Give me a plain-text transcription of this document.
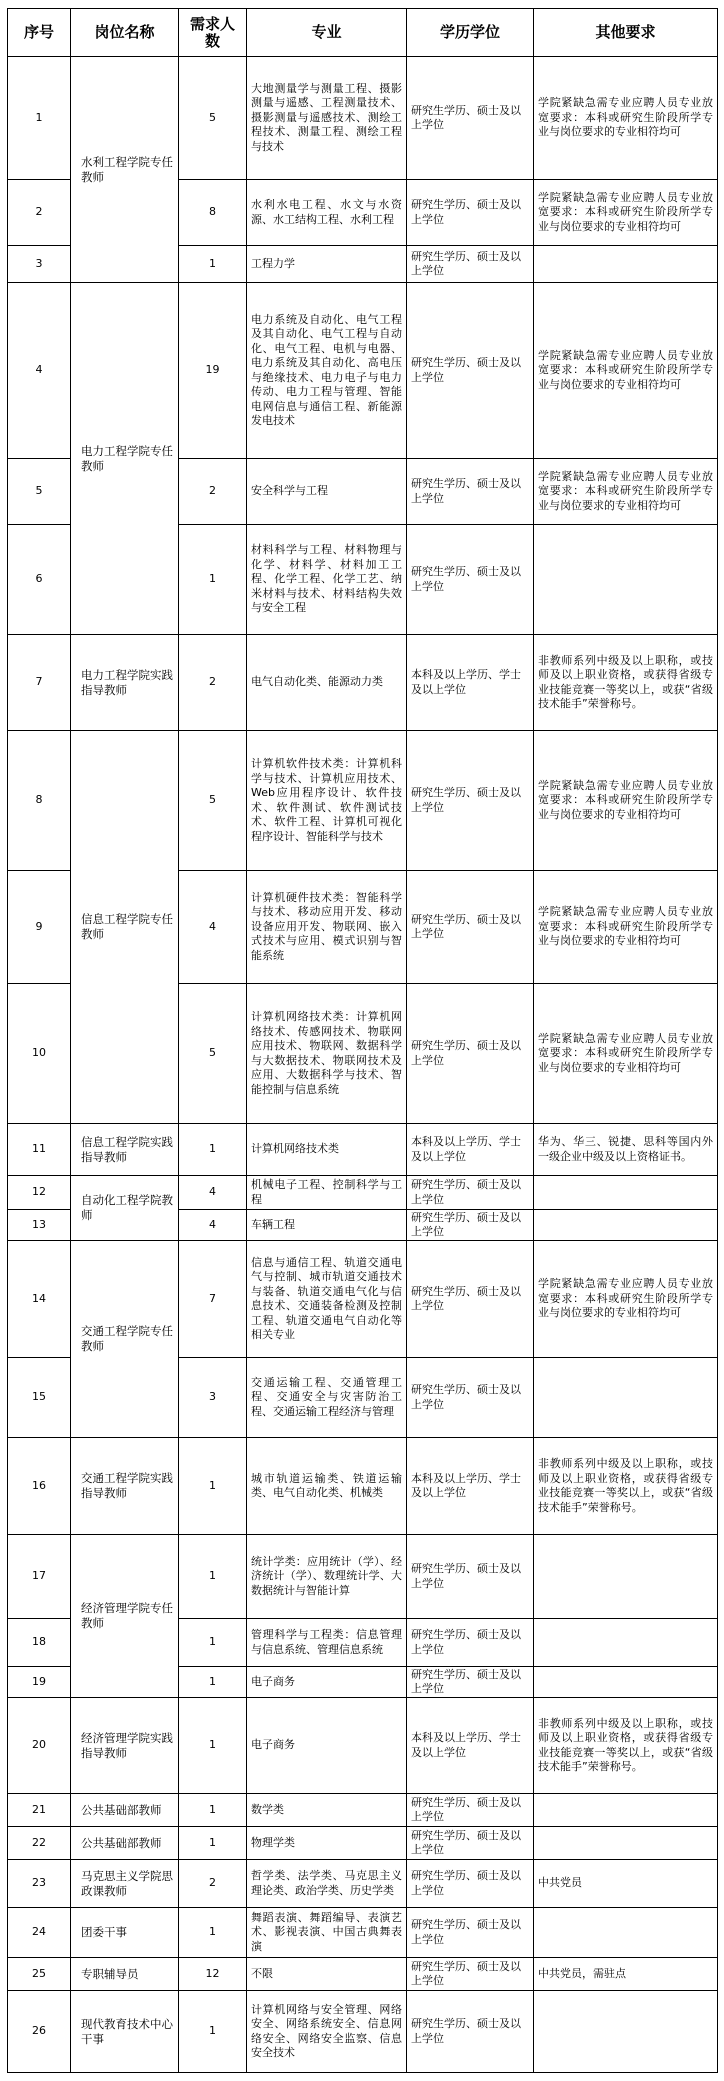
序号	岗位名称	需求人数	专业	学历学位	其他要求
1	水利工程学院专任教师	5	大地测量学与测量工程、摄影测量与遥感、工程测量技术、摄影测量与遥感技术、测绘工程技术、测量工程、测绘工程与技术	研究生学历、硕士及以上学位	学院紧缺急需专业应聘人员专业放宽要求：本科或研究生阶段所学专业与岗位要求的专业相符均可
2		8	水利水电工程、水文与水资源、水工结构工程、水利工程	研究生学历、硕士及以上学位	学院紧缺急需专业应聘人员专业放宽要求：本科或研究生阶段所学专业与岗位要求的专业相符均可
3		1	工程力学	研究生学历、硕士及以上学位	
4	电力工程学院专任教师	19	电力系统及自动化、电气工程及其自动化、电气工程与自动化、电气工程、电机与电器、电力系统及其自动化、高电压与绝缘技术、电力电子与电力传动、电力工程与管理、智能电网信息与通信工程、新能源发电技术	研究生学历、硕士及以上学位	学院紧缺急需专业应聘人员专业放宽要求：本科或研究生阶段所学专业与岗位要求的专业相符均可
5		2	安全科学与工程	研究生学历、硕士及以上学位	学院紧缺急需专业应聘人员专业放宽要求：本科或研究生阶段所学专业与岗位要求的专业相符均可
6		1	材料科学与工程、材料物理与化学、材料学、材料加工工程、化学工程、化学工艺、纳米材料与技术、材料结构失效与安全工程	研究生学历、硕士及以上学位	
7	电力工程学院实践指导教师	2	电气自动化类、能源动力类	本科及以上学历、学士及以上学位	非教师系列中级及以上职称，或技师及以上职业资格，或获得省级专业技能竞赛一等奖以上，或获“省级技术能手”荣誉称号。
8	信息工程学院专任教师	5	计算机软件技术类：计算机科学与技术、计算机应用技术、Web应用程序设计、软件技术、软件测试、软件测试技术、软件工程、计算机可视化程序设计、智能科学与技术	研究生学历、硕士及以上学位	学院紧缺急需专业应聘人员专业放宽要求：本科或研究生阶段所学专业与岗位要求的专业相符均可
9		4	计算机硬件技术类：智能科学与技术、移动应用开发、移动设备应用开发、物联网、嵌入式技术与应用、模式识别与智能系统	研究生学历、硕士及以上学位	学院紧缺急需专业应聘人员专业放宽要求：本科或研究生阶段所学专业与岗位要求的专业相符均可
10		5	计算机网络技术类：计算机网络技术、传感网技术、物联网应用技术、物联网、数据科学与大数据技术、物联网技术及应用、大数据科学与技术、智能控制与信息系统	研究生学历、硕士及以上学位	学院紧缺急需专业应聘人员专业放宽要求：本科或研究生阶段所学专业与岗位要求的专业相符均可
11	信息工程学院实践指导教师	1	计算机网络技术类	本科及以上学历、学士及以上学位	华为、华三、锐捷、思科等国内外一级企业中级及以上资格证书。
12	自动化工程学院教师	4	机械电子工程、控制科学与工程	研究生学历、硕士及以上学位	
13		4	车辆工程	研究生学历、硕士及以上学位	
14	交通工程学院专任教师	7	信息与通信工程、轨道交通电气与控制、城市轨道交通技术与装备、轨道交通电气化与信息技术、交通装备检测及控制工程、轨道交通电气自动化等相关专业	研究生学历、硕士及以上学位	学院紧缺急需专业应聘人员专业放宽要求：本科或研究生阶段所学专业与岗位要求的专业相符均可
15		3	交通运输工程、交通管理工程、交通安全与灾害防治工程、交通运输工程经济与管理	研究生学历、硕士及以上学位	
16	交通工程学院实践指导教师	1	城市轨道运输类、铁道运输类、电气自动化类、机械类	本科及以上学历、学士及以上学位	非教师系列中级及以上职称，或技师及以上职业资格，或获得省级专业技能竞赛一等奖以上，或获“省级技术能手”荣誉称号。
17	经济管理学院专任教师	1	统计学类：应用统计（学）、经济统计（学）、数理统计学、大数据统计与智能计算	研究生学历、硕士及以上学位	
18		1	管理科学与工程类：信息管理与信息系统、管理信息系统	研究生学历、硕士及以上学位	
19		1	电子商务	研究生学历、硕士及以上学位	
20	经济管理学院实践指导教师	1	电子商务	本科及以上学历、学士及以上学位	非教师系列中级及以上职称，或技师及以上职业资格，或获得省级专业技能竞赛一等奖以上，或获“省级技术能手”荣誉称号。
21	公共基础部教师	1	数学类	研究生学历、硕士及以上学位	
22	公共基础部教师	1	物理学类	研究生学历、硕士及以上学位	
23	马克思主义学院思政课教师	2	哲学类、法学类、马克思主义理论类、政治学类、历史学类	研究生学历、硕士及以上学位	中共党员
24	团委干事	1	舞蹈表演、舞蹈编导、表演艺术、影视表演、中国古典舞表演	研究生学历、硕士及以上学位	
25	专职辅导员	12	不限	研究生学历、硕士及以上学位	中共党员，需驻点
26	现代教育技术中心干事	1	计算机网络与安全管理、网络安全、网络系统安全、信息网络安全、网络安全监察、信息安全技术	研究生学历、硕士及以上学位	
